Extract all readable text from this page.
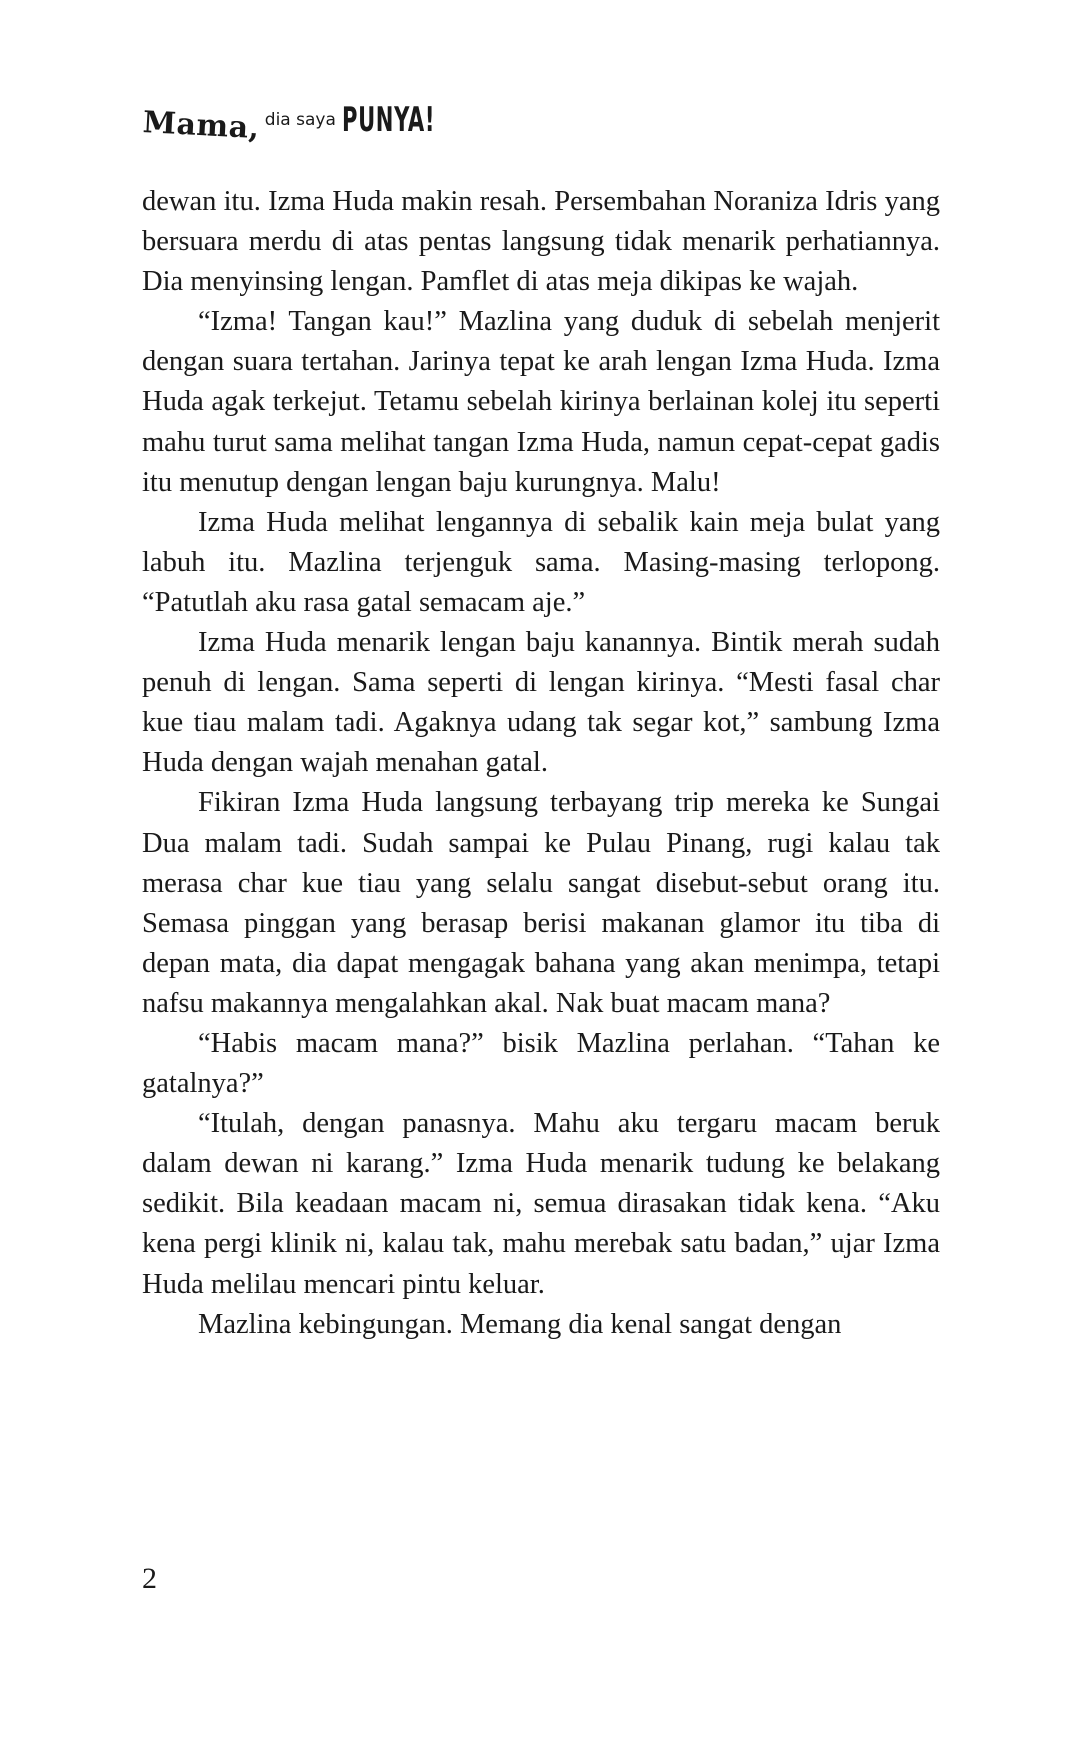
Mama, dia saya PUNYA!

dewan itu. Izma Huda makin resah. Persembahan Noraniza Idris yang bersuara merdu di atas pentas langsung tidak menarik perhatiannya. Dia menyinsing lengan. Pamflet di atas meja dikipas ke wajah.

“Izma! Tangan kau!” Mazlina yang duduk di sebelah menjerit dengan suara tertahan. Jarinya tepat ke arah lengan Izma Huda. Izma Huda agak terkejut. Tetamu sebelah kirinya berlainan kolej itu seperti mahu turut sama melihat tangan Izma Huda, namun cepat-cepat gadis itu menutup dengan lengan baju kurungnya. Malu!

Izma Huda melihat lengannya di sebalik kain meja bulat yang labuh itu. Mazlina terjenguk sama. Masing-masing terlopong. “Patutlah aku rasa gatal semacam aje.”

Izma Huda menarik lengan baju kanannya. Bintik merah sudah penuh di lengan. Sama seperti di lengan kirinya. “Mesti fasal char kue tiau malam tadi. Agaknya udang tak segar kot,” sambung Izma Huda dengan wajah menahan gatal.

Fikiran Izma Huda langsung terbayang trip mereka ke Sungai Dua malam tadi. Sudah sampai ke Pulau Pinang, rugi kalau tak merasa char kue tiau yang selalu sangat disebut-sebut orang itu. Semasa pinggan yang berasap berisi makanan glamor itu tiba di depan mata, dia dapat mengagak bahana yang akan menimpa, tetapi nafsu makannya mengalahkan akal. Nak buat macam mana?

“Habis macam mana?” bisik Mazlina perlahan. “Tahan ke gatalnya?”

“Itulah, dengan panasnya. Mahu aku tergaru macam beruk dalam dewan ni karang.” Izma Huda menarik tudung ke belakang sedikit. Bila keadaan macam ni, semua dirasakan tidak kena. “Aku kena pergi klinik ni, kalau tak, mahu merebak satu badan,” ujar Izma Huda melilau mencari pintu keluar.

Mazlina kebingungan. Memang dia kenal sangat dengan

2
